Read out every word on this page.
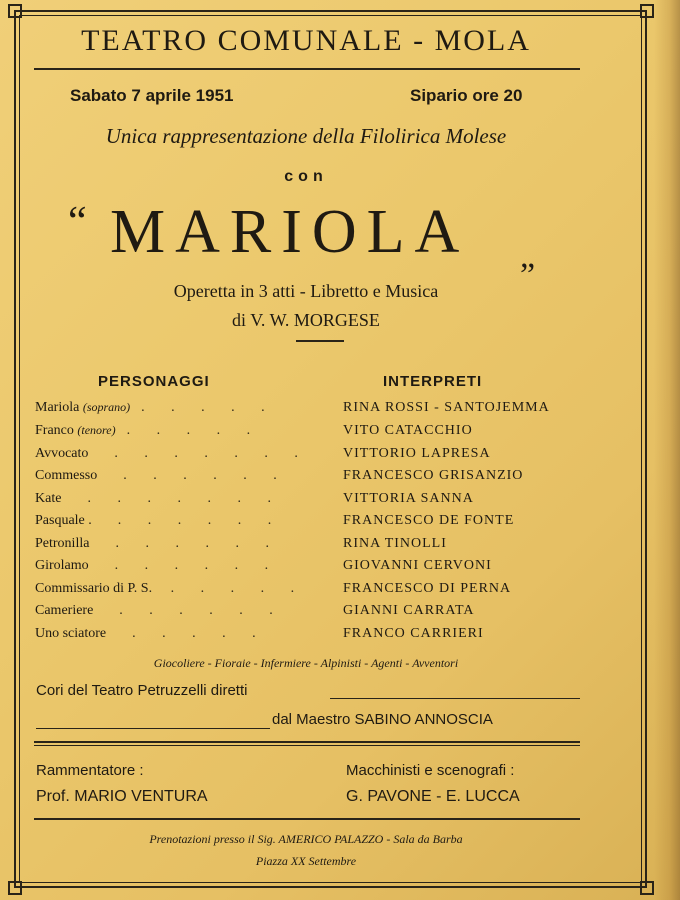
TEATRO COMUNALE - MOLA
Sabato 7 aprile 1951	Sipario ore 20
Unica rappresentazione della Filolirica Molese
con
“ MARIOLA „
Operetta in 3 atti - Libretto e Musica
di V. W. MORGESE
PERSONAGGI	INTERPRETI
Mariola (soprano)  .   .   .   .   .	RINA ROSSI - SANTOJEMMA
Franco (tenore)  .   .   .   .   .	VITO CATACCHIO
Avvocato    .   .   .   .   .   .   .	VITTORIO LAPRESA
Commesso    .   .   .   .   .   .	FRANCESCO GRISANZIO
Kate    .   .   .   .   .   .   .	VITTORIA SANNA
Pasquale .    .   .   .   .   .   .	FRANCESCO DE FONTE
Petronilla    .   .   .   .   .   .	RINA TINOLLI
Girolamo    .   .   .   .   .   .	GIOVANNI CERVONI
Commissario di P. S.   .   .   .   .   .	FRANCESCO DI PERNA
Cameriere    .   .   .   .   .   .	GIANNI CARRATA
Uno sciatore    .   .   .   .   .	FRANCO CARRIERI
Giocoliere - Fioraie - Infermiere - Alpinisti - Agenti - Avventori
Cori del Teatro Petruzzelli diretti
dal Maestro SABINO ANNOSCIA
Rammentatore :
Prof. MARIO VENTURA
Macchinisti e scenografi :
G. PAVONE - E. LUCCA
Prenotazioni presso il Sig. AMERICO PALAZZO - Sala da Barba
Piazza XX Settembre
